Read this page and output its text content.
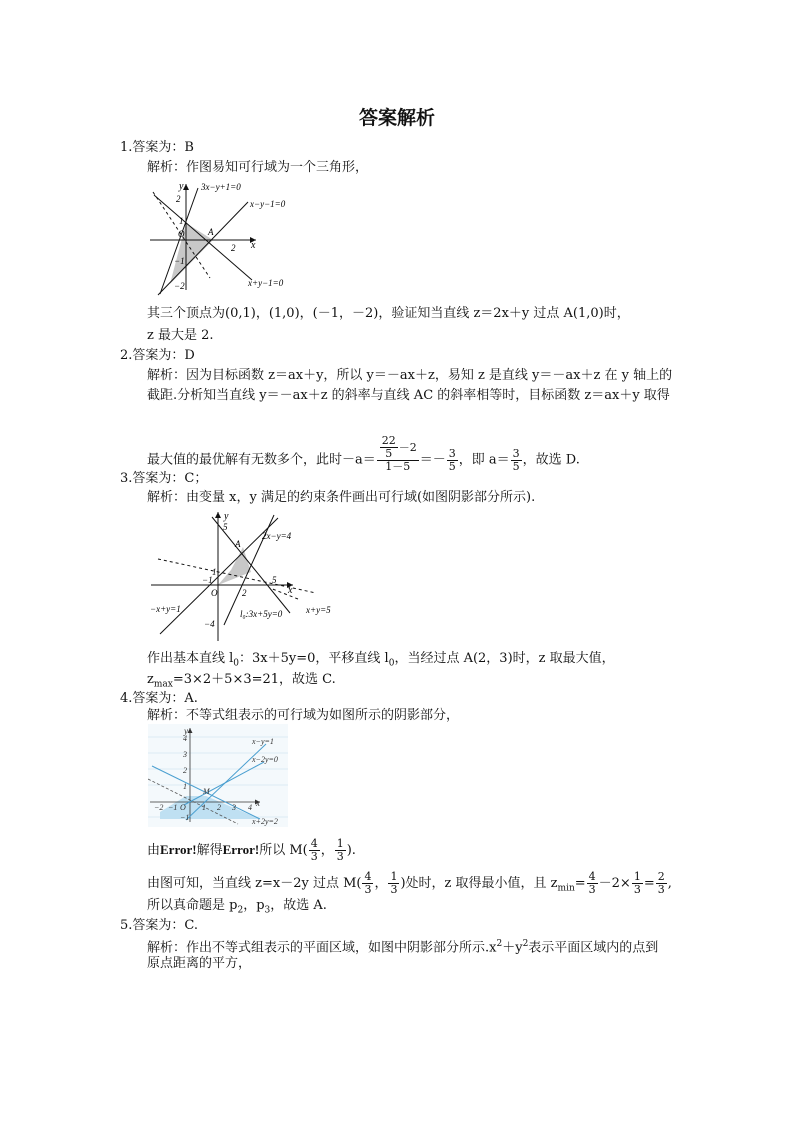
答案解析
1.答案为：B
解析：作图易知可行域为一个三角形，
y 3x−y+1=0
x−y−1=0
2
1
O	A
2 x
−1
−2	x+y−1=0
其三个顶点为(0,1)，(1,0)，(－1，－2)，验证知当直线 z＝2x＋y 过点 A(1,0)时，
z 最大是 2.
2.答案为：D
解析：因为目标函数 z＝ax＋y，所以 y＝－ax＋z，易知 z 是直线 y＝－ax＋z 在 y 轴上的
截距.分析知当直线 y＝－ax＋z 的斜率与直线 AC 的斜率相等时，目标函数 z＝ax＋y 取得
最大值的最优解有无数多个，此时$-a= \frac{\frac{22}{5} -2}{1-5} =- \frac{3}{5}$ ，即 $a= \frac{3}{5}$ ，故选 D.
3.答案为：C；
解析：由变量 x，y 满足的约束条件画出可行域(如图阴影部分所示).
y
5
A
2x−y=4
1
−1
O	2
5
x
−x+y=1	l₀:3x+5y=0	x+y=5
−4
作出基本直线 $l_0$：3x＋5y=0，平移直线 $l_0$，当经过点 A(2，3)时，z 取最大值，
$z_{max}=3\times 2+5\times 3=21$，故选 C.
4.答案为：A.
解析：不等式组表示的可行域为如图所示的阴影部分，
y
4
3
2
1
x−y=1
x−2y=0
M
−2 −1 O 1 2 3 4 x
−1	x+2y=2
由Error!解得Error!所以 $M( \frac{4}{3}$ ， $\frac{1}{3}$ ).
由图可知，当直线 z=x－2y 过点 $M( \frac{4}{3}$ ， $\frac{1}{3}$ )处时，z 取得最小值，且 $z_{min}= \frac{4}{3} -2\times \frac{1}{3} = \frac{2}{3}$ ,
所以真命题是 $p_2$，$p_3$，故选 A.
5.答案为：C.
解析：作出不等式组表示的平面区域，如图中阴影部分所示$.x^2+y^2$表示平面区域内的点到
原点距离的平方，
